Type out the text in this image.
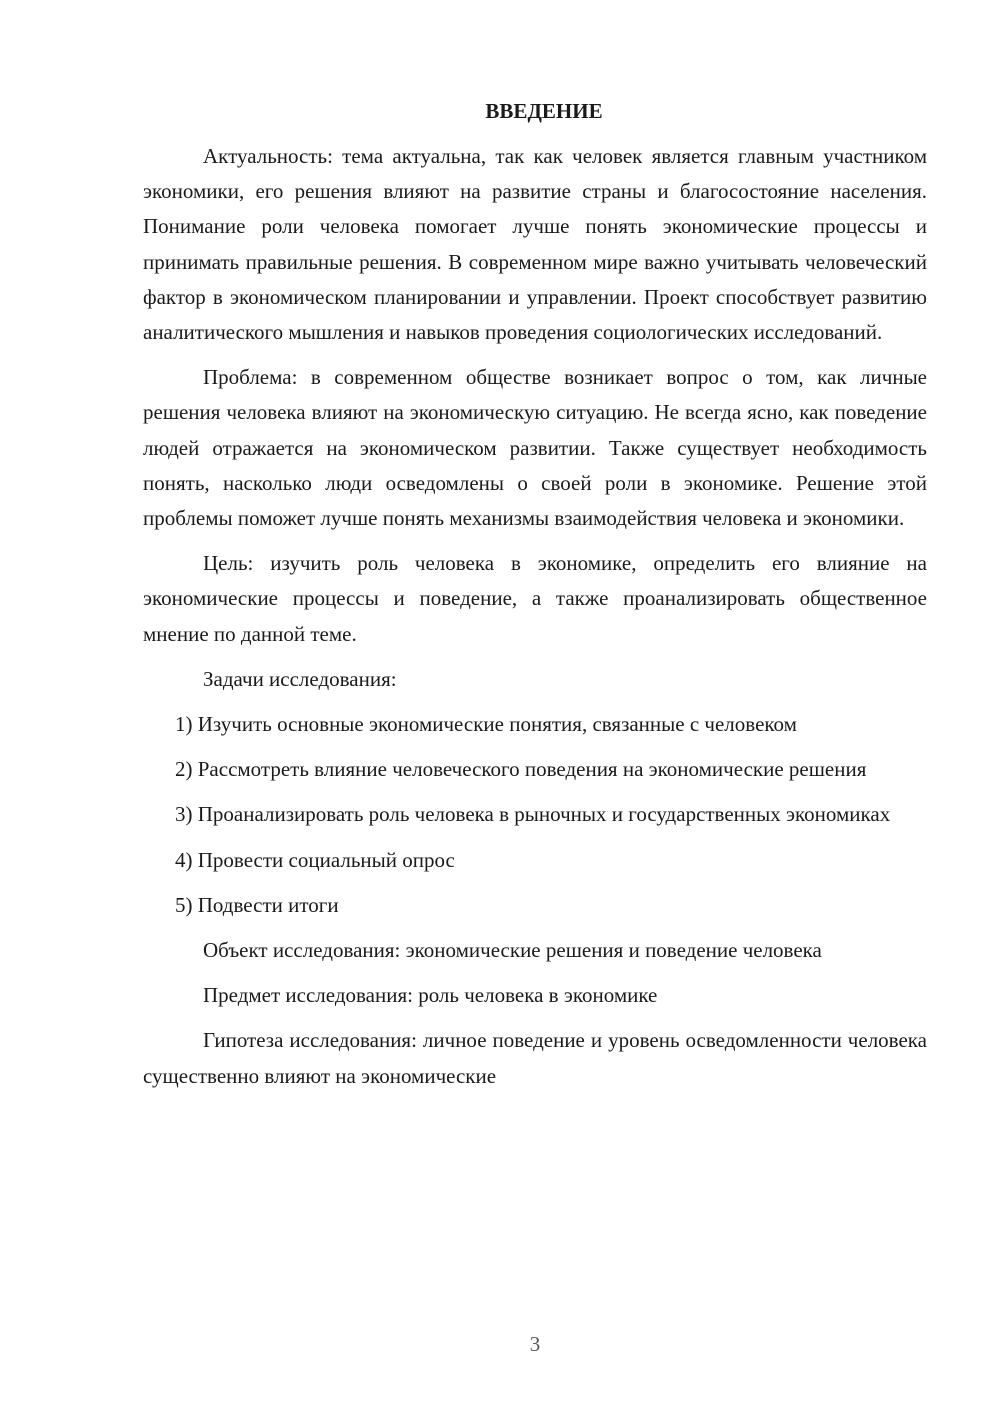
ВВЕДЕНИЕ

Актуальность: тема актуальна, так как человек является главным участником экономики, его решения влияют на развитие страны и благосостояние населения. Понимание роли человека помогает лучше понять экономические процессы и принимать правильные решения. В современном мире важно учитывать человеческий фактор в экономическом планировании и управлении. Проект способствует развитию аналитического мышления и навыков проведения социологических исследований.

Проблема: в современном обществе возникает вопрос о том, как личные решения человека влияют на экономическую ситуацию. Не всегда ясно, как поведение людей отражается на экономическом развитии. Также существует необходимость понять, насколько люди осведомлены о своей роли в экономике. Решение этой проблемы поможет лучше понять механизмы взаимодействия человека и экономики.

Цель: изучить роль человека в экономике, определить его влияние на экономические процессы и поведение, а также проанализировать общественное мнение по данной теме.

Задачи исследования:

1) Изучить основные экономические понятия, связанные с человеком

2) Рассмотреть влияние человеческого поведения на экономические решения

3) Проанализировать роль человека в рыночных и государственных экономиках

4) Провести социальный опрос

5) Подвести итоги

Объект исследования: экономические решения и поведение человека

Предмет исследования: роль человека в экономике

Гипотеза исследования: личное поведение и уровень осведомленности человека существенно влияют на экономические

3
